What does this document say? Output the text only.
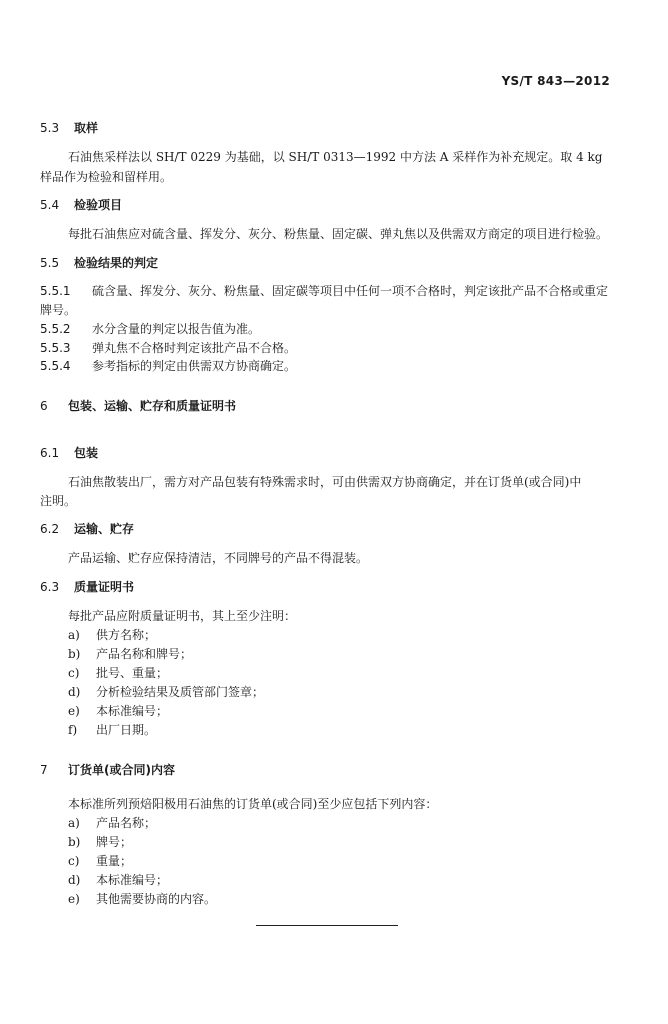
YS/T 843—2012
5.3 取样
石油焦采样法以 SH/T 0229 为基础，以 SH/T 0313—1992 中方法 A 采样作为补充规定。取 4 kg
样品作为检验和留样用。
5.4 检验项目
每批石油焦应对硫含量、挥发分、灰分、粉焦量、固定碳、弹丸焦以及供需双方商定的项目进行检验。
5.5 检验结果的判定
5.5.1 硫含量、挥发分、灰分、粉焦量、固定碳等项目中任何一项不合格时，判定该批产品不合格或重定
牌号。
5.5.2 水分含量的判定以报告值为准。
5.5.3 弹丸焦不合格时判定该批产品不合格。
5.5.4 参考指标的判定由供需双方协商确定。
6 包装、运输、贮存和质量证明书
6.1 包装
石油焦散装出厂，需方对产品包装有特殊需求时，可由供需双方协商确定，并在订货单(或合同)中
注明。
6.2 运输、贮存
产品运输、贮存应保持清洁，不同牌号的产品不得混装。
6.3 质量证明书
每批产品应附质量证明书，其上至少注明：
a) 供方名称；
b) 产品名称和牌号；
c) 批号、重量；
d) 分析检验结果及质管部门签章；
e) 本标准编号；
f) 出厂日期。
7 订货单(或合同)内容
本标准所列预焙阳极用石油焦的订货单(或合同)至少应包括下列内容：
a) 产品名称；
b) 牌号；
c) 重量；
d) 本标准编号；
e) 其他需要协商的内容。
